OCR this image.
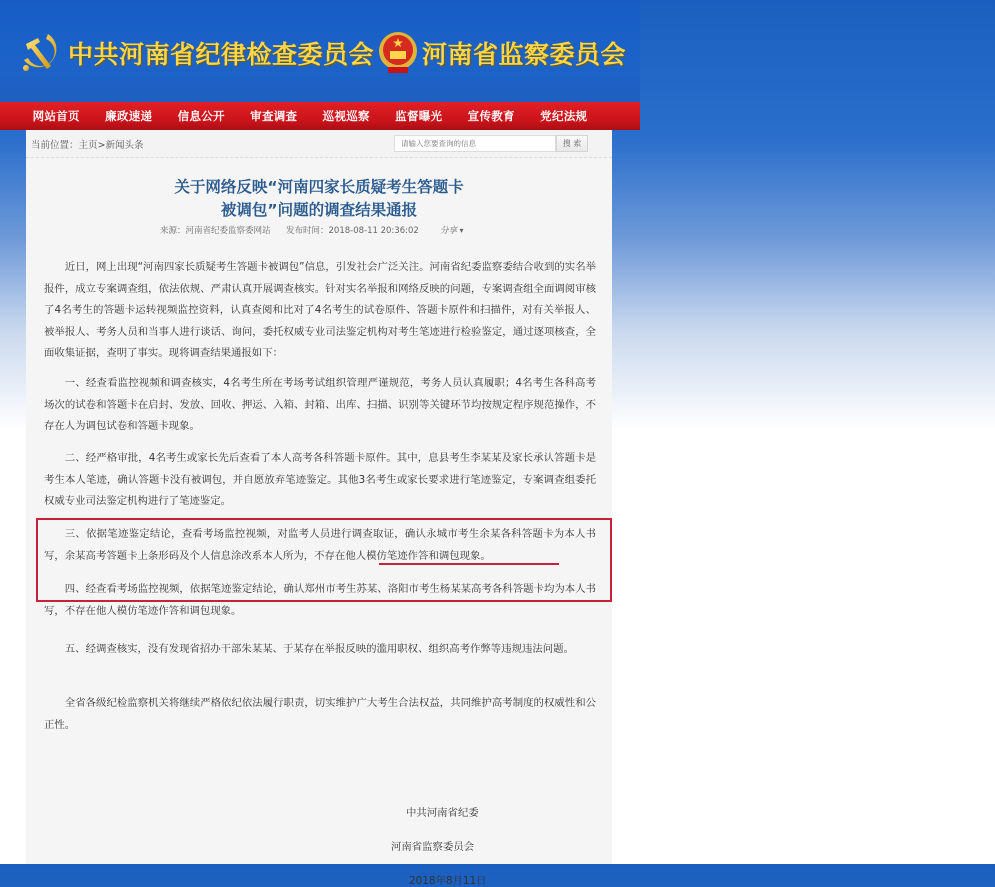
中共河南省纪律检查委员会 河南省监察委员会
网站首页	廉政速递	信息公开	审查调查	巡视巡察	监督曝光	宣传教育	党纪法规
当前位置：主页>新闻头条
请输入您要查询的信息	搜 索
关于网络反映“河南四家长质疑考生答题卡
被调包”问题的调查结果通报
来源：河南省纪委监察委网站 发布时间：2018-08-11 20:36:02 分享 ▾

近日，网上出现“河南四家长质疑考生答题卡被调包”信息，引发社会广泛关注。河南省纪委监察委结合收到的实名举报件，成立专案调查组，依法依规、严肃认真开展调查核实。针对实名举报和网络反映的问题，专案调查组全面调阅审核了4名考生的答题卡运转视频监控资料，认真查阅和比对了4名考生的试卷原件、答题卡原件和扫描件，对有关举报人、被举报人、考务人员和当事人进行谈话、询问，委托权威专业司法鉴定机构对考生笔迹进行检验鉴定，通过逐项核查，全面收集证据，查明了事实。现将调查结果通报如下：

一、经查看监控视频和调查核实，4名考生所在考场考试组织管理严谨规范，考务人员认真履职；4名考生各科高考场次的试卷和答题卡在启封、发放、回收、押运、入箱、封箱、出库、扫描、识别等关键环节均按规定程序规范操作，不存在人为调包试卷和答题卡现象。

二、经严格审批，4名考生或家长先后查看了本人高考各科答题卡原件。其中，息县考生李某某及家长承认答题卡是考生本人笔迹，确认答题卡没有被调包，并自愿放弃笔迹鉴定。其他3名考生或家长要求进行笔迹鉴定，专案调查组委托权威专业司法鉴定机构进行了笔迹鉴定。

三、依据笔迹鉴定结论，查看考场监控视频，对监考人员进行调查取证，确认永城市考生余某各科答题卡为本人书写，余某高考答题卡上条形码及个人信息涂改系本人所为，不存在他人模仿笔迹作答和调包现象。

四、经查看考场监控视频，依据笔迹鉴定结论，确认郑州市考生苏某、洛阳市考生杨某某高考各科答题卡均为本人书写，不存在他人模仿笔迹作答和调包现象。

五、经调查核实，没有发现省招办干部朱某某、于某存在举报反映的滥用职权、组织高考作弊等违规违法问题。

全省各级纪检监察机关将继续严格依纪依法履行职责，切实维护广大考生合法权益，共同维护高考制度的权威性和公正性。

中共河南省纪委
河南省监察委员会
2018年8月11日
